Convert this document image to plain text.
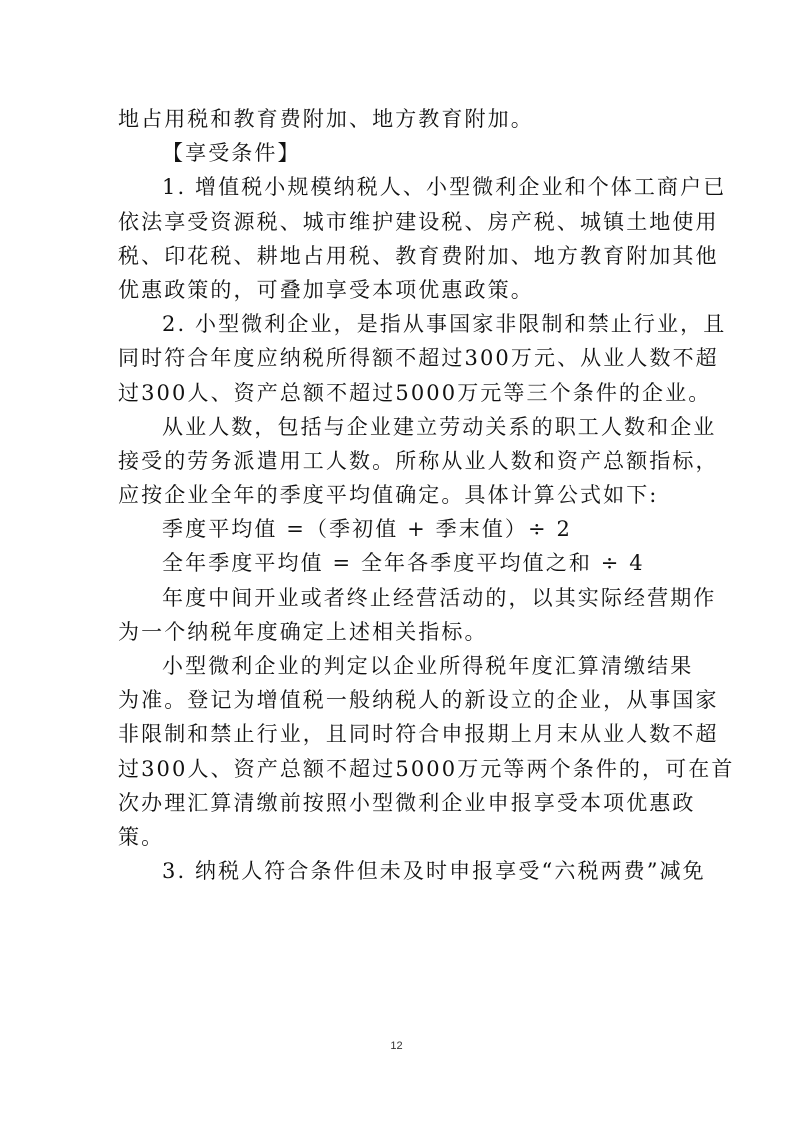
地占用税和教育费附加、地方教育附加。
【享受条件】
1. 增值税小规模纳税人、小型微利企业和个体工商户已
依法享受资源税、城市维护建设税、房产税、城镇土地使用
税、印花税、耕地占用税、教育费附加、地方教育附加其他
优惠政策的，可叠加享受本项优惠政策。
2. 小型微利企业，是指从事国家非限制和禁止行业，且
同时符合年度应纳税所得额不超过300万元、从业人数不超
过300人、资产总额不超过5000万元等三个条件的企业。
从业人数，包括与企业建立劳动关系的职工人数和企业
接受的劳务派遣用工人数。所称从业人数和资产总额指标，
应按企业全年的季度平均值确定。具体计算公式如下:
季度平均值 =（季初值 + 季末值）÷ 2
全年季度平均值 = 全年各季度平均值之和 ÷ 4
年度中间开业或者终止经营活动的，以其实际经营期作
为一个纳税年度确定上述相关指标。
小型微利企业的判定以企业所得税年度汇算清缴结果
为准。登记为增值税一般纳税人的新设立的企业，从事国家
非限制和禁止行业，且同时符合申报期上月末从业人数不超
过300人、资产总额不超过5000万元等两个条件的，可在首
次办理汇算清缴前按照小型微利企业申报享受本项优惠政
策。
3. 纳税人符合条件但未及时申报享受“六税两费”减免
12
